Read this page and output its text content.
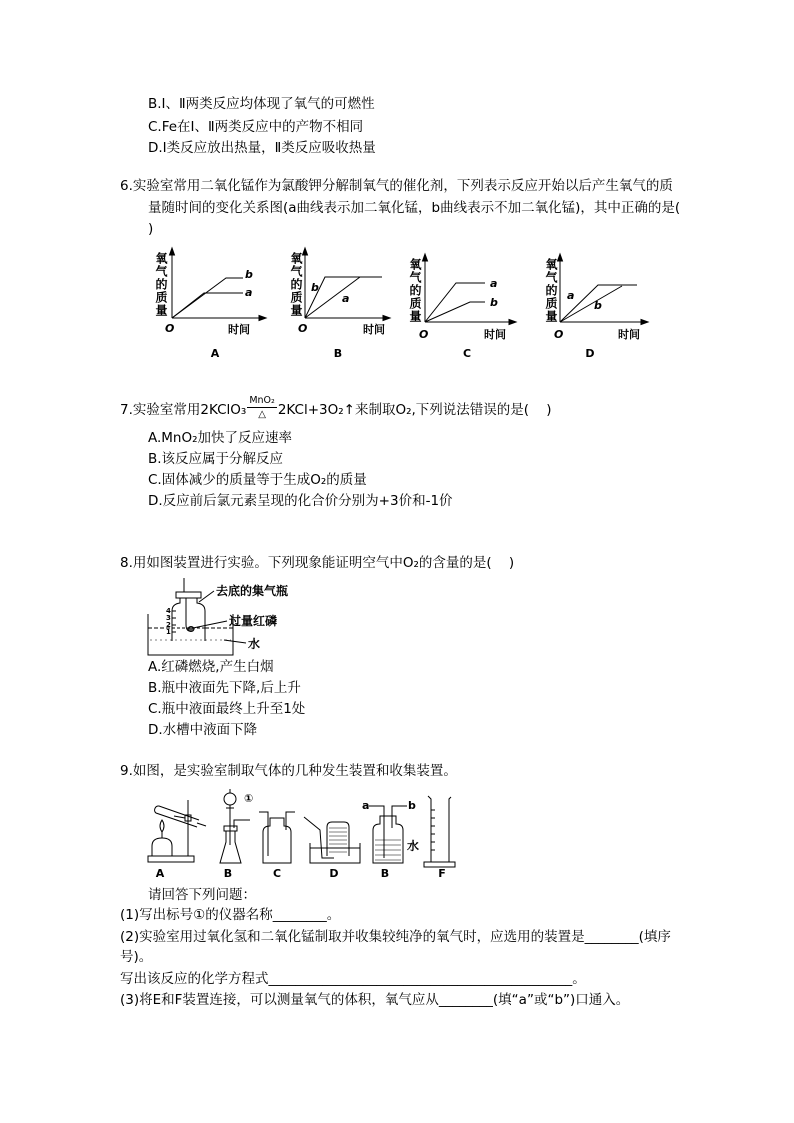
B.Ⅰ、Ⅱ两类反应均体现了氧气的可燃性
C.Fe在Ⅰ、Ⅱ两类反应中的产物不相同
D.Ⅰ类反应放出热量，Ⅱ类反应吸收热量
6.实验室常用二氧化锰作为氯酸钾分解制氧气的催化剂，下列表示反应开始以后产生氧气的质
量随时间的变化关系图(a曲线表示加二氧化锰，b曲线表示不加二氧化锰)，其中正确的是(
)
氧气的质量	氧气的质量	氧气的质量	氧气的质量
7.实验室常用2KClO₃
MnO₂
△ 2KCl+3O₂↑来制取O₂,下列说法错误的是(    )
A.MnO₂加快了反应速率
B.该反应属于分解反应
C.固体减少的质量等于生成O₂的质量
D.反应前后氯元素呈现的化合价分别为+3价和-1价
8.用如图装置进行实验。下列现象能证明空气中O₂的含量的是(    )
A.红磷燃烧,产生白烟
B.瓶中液面先下降,后上升
C.瓶中液面最终上升至1处
D.水槽中液面下降
9.如图，是实验室制取气体的几种发生装置和收集装置。
请回答下列问题：
(1)写出标号①的仪器名称________。
(2)实验室用过氧化氢和二氧化锰制取并收集较纯净的氧气时，应选用的装置是________(填序
号)。
写出该反应的化学方程式_____________________________________________。
(3)将E和F装置连接，可以测量氧气的体积，氧气应从________(填“a”或“b”)口通入。
O	时间
b
a
A
O	时间
b
a
B
O	时间
a
b
C
O	时间
a
b
D
去底的集气瓶
过量红磷
水
4
3
2
1
①
a	b
水
A	B	C	D	B	F
